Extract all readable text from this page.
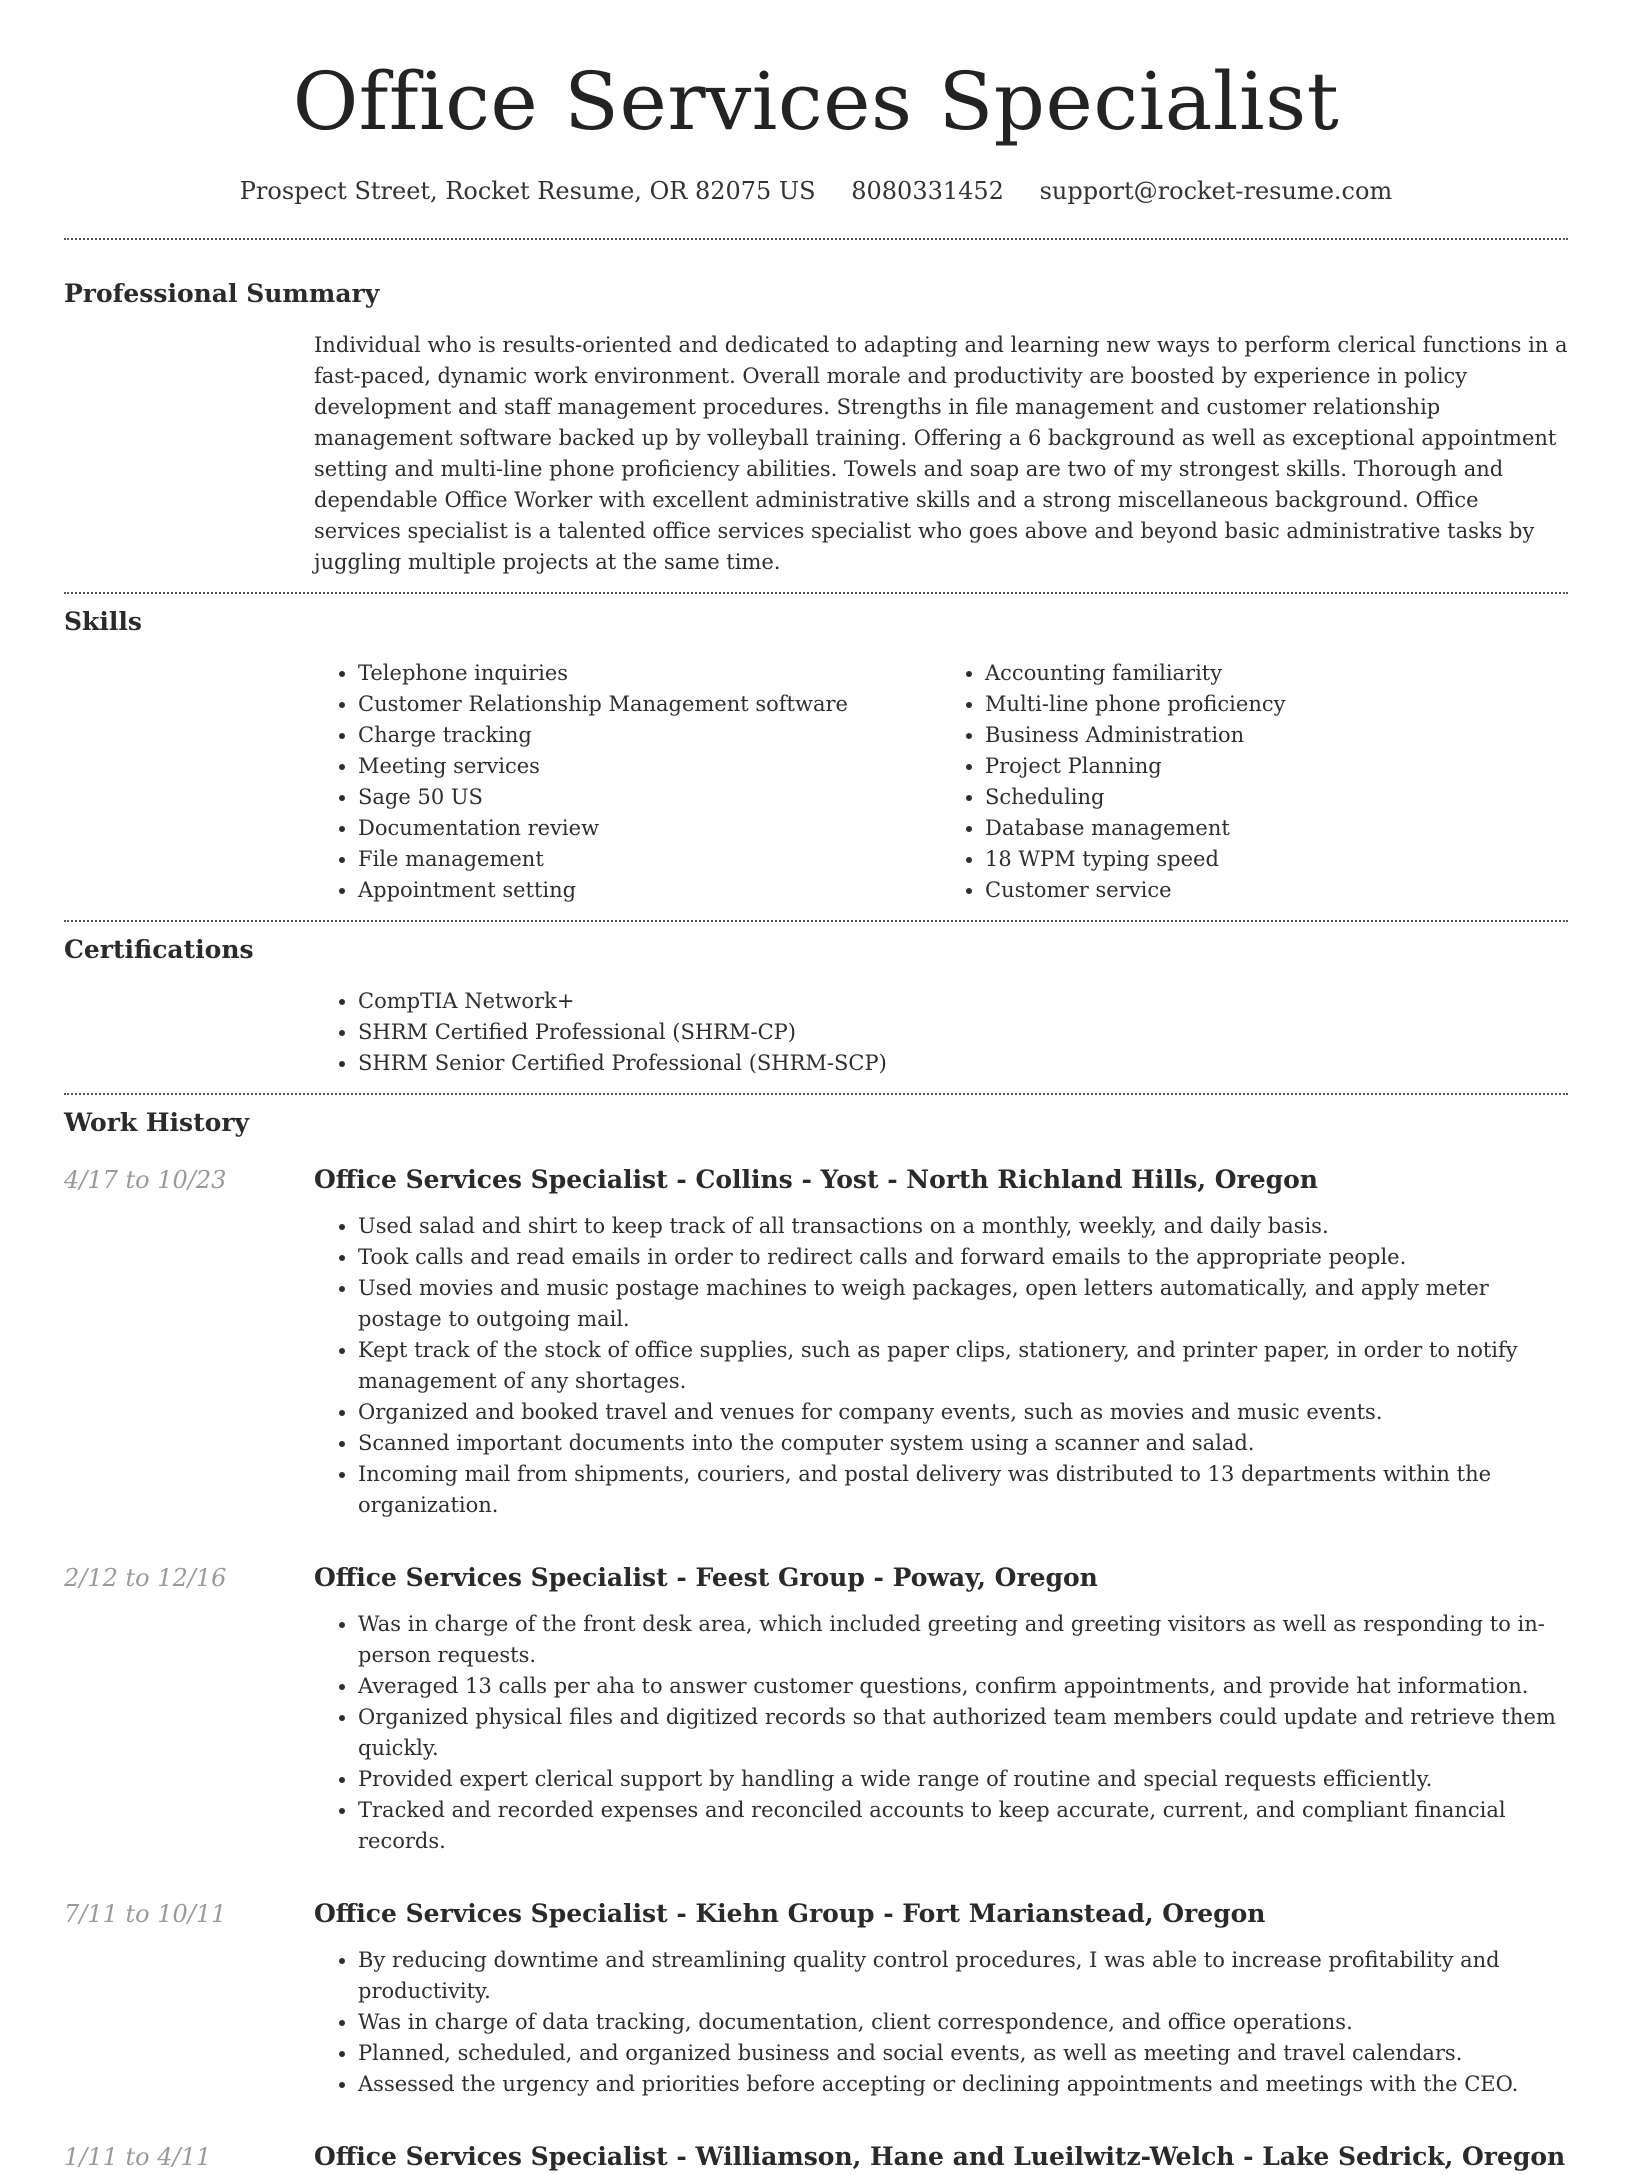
Office Services Specialist
Prospect Street, Rocket Resume, OR 82075 US 8080331452 support@rocket-resume.com
Professional Summary

Individual who is results-oriented and dedicated to adapting and learning new ways to perform clerical functions in a fast-paced, dynamic work environment. Overall morale and productivity are boosted by experience in policy development and staff management procedures. Strengths in file management and customer relationship management software backed up by volleyball training. Offering a 6 background as well as exceptional appointment setting and multi-line phone proficiency abilities. Towels and soap are two of my strongest skills. Thorough and dependable Office Worker with excellent administrative skills and a strong miscellaneous background. Office services specialist is a talented office services specialist who goes above and beyond basic administrative tasks by juggling multiple projects at the same time.

Skills
• Telephone inquiries
• Customer Relationship Management software
• Charge tracking
• Meeting services
• Sage 50 US
• Documentation review
• File management
• Appointment setting
• Accounting familiarity
• Multi-line phone proficiency
• Business Administration
• Project Planning
• Scheduling
• Database management
• 18 WPM typing speed
• Customer service
Certifications
• CompTIA Network+
• SHRM Certified Professional (SHRM-CP)
• SHRM Senior Certified Professional (SHRM-SCP)
Work History
4/17 to 10/23	Office Services Specialist - Collins - Yost - North Richland Hills, Oregon
• Used salad and shirt to keep track of all transactions on a monthly, weekly, and daily basis.
• Took calls and read emails in order to redirect calls and forward emails to the appropriate people.
• Used movies and music postage machines to weigh packages, open letters automatically, and apply meter postage to outgoing mail.
• Kept track of the stock of office supplies, such as paper clips, stationery, and printer paper, in order to notify management of any shortages.
• Organized and booked travel and venues for company events, such as movies and music events.
• Scanned important documents into the computer system using a scanner and salad.
• Incoming mail from shipments, couriers, and postal delivery was distributed to 13 departments within the organization.
2/12 to 12/16	Office Services Specialist - Feest Group - Poway, Oregon
• Was in charge of the front desk area, which included greeting and greeting visitors as well as responding to in-person requests.
• Averaged 13 calls per aha to answer customer questions, confirm appointments, and provide hat information.
• Organized physical files and digitized records so that authorized team members could update and retrieve them quickly.
• Provided expert clerical support by handling a wide range of routine and special requests efficiently.
• Tracked and recorded expenses and reconciled accounts to keep accurate, current, and compliant financial records.
7/11 to 10/11	Office Services Specialist - Kiehn Group - Fort Marianstead, Oregon
• By reducing downtime and streamlining quality control procedures, I was able to increase profitability and productivity.
• Was in charge of data tracking, documentation, client correspondence, and office operations.
• Planned, scheduled, and organized business and social events, as well as meeting and travel calendars.
• Assessed the urgency and priorities before accepting or declining appointments and meetings with the CEO.
1/11 to 4/11	Office Services Specialist - Williamson, Hane and Lueilwitz-Welch - Lake Sedrick, Oregon
